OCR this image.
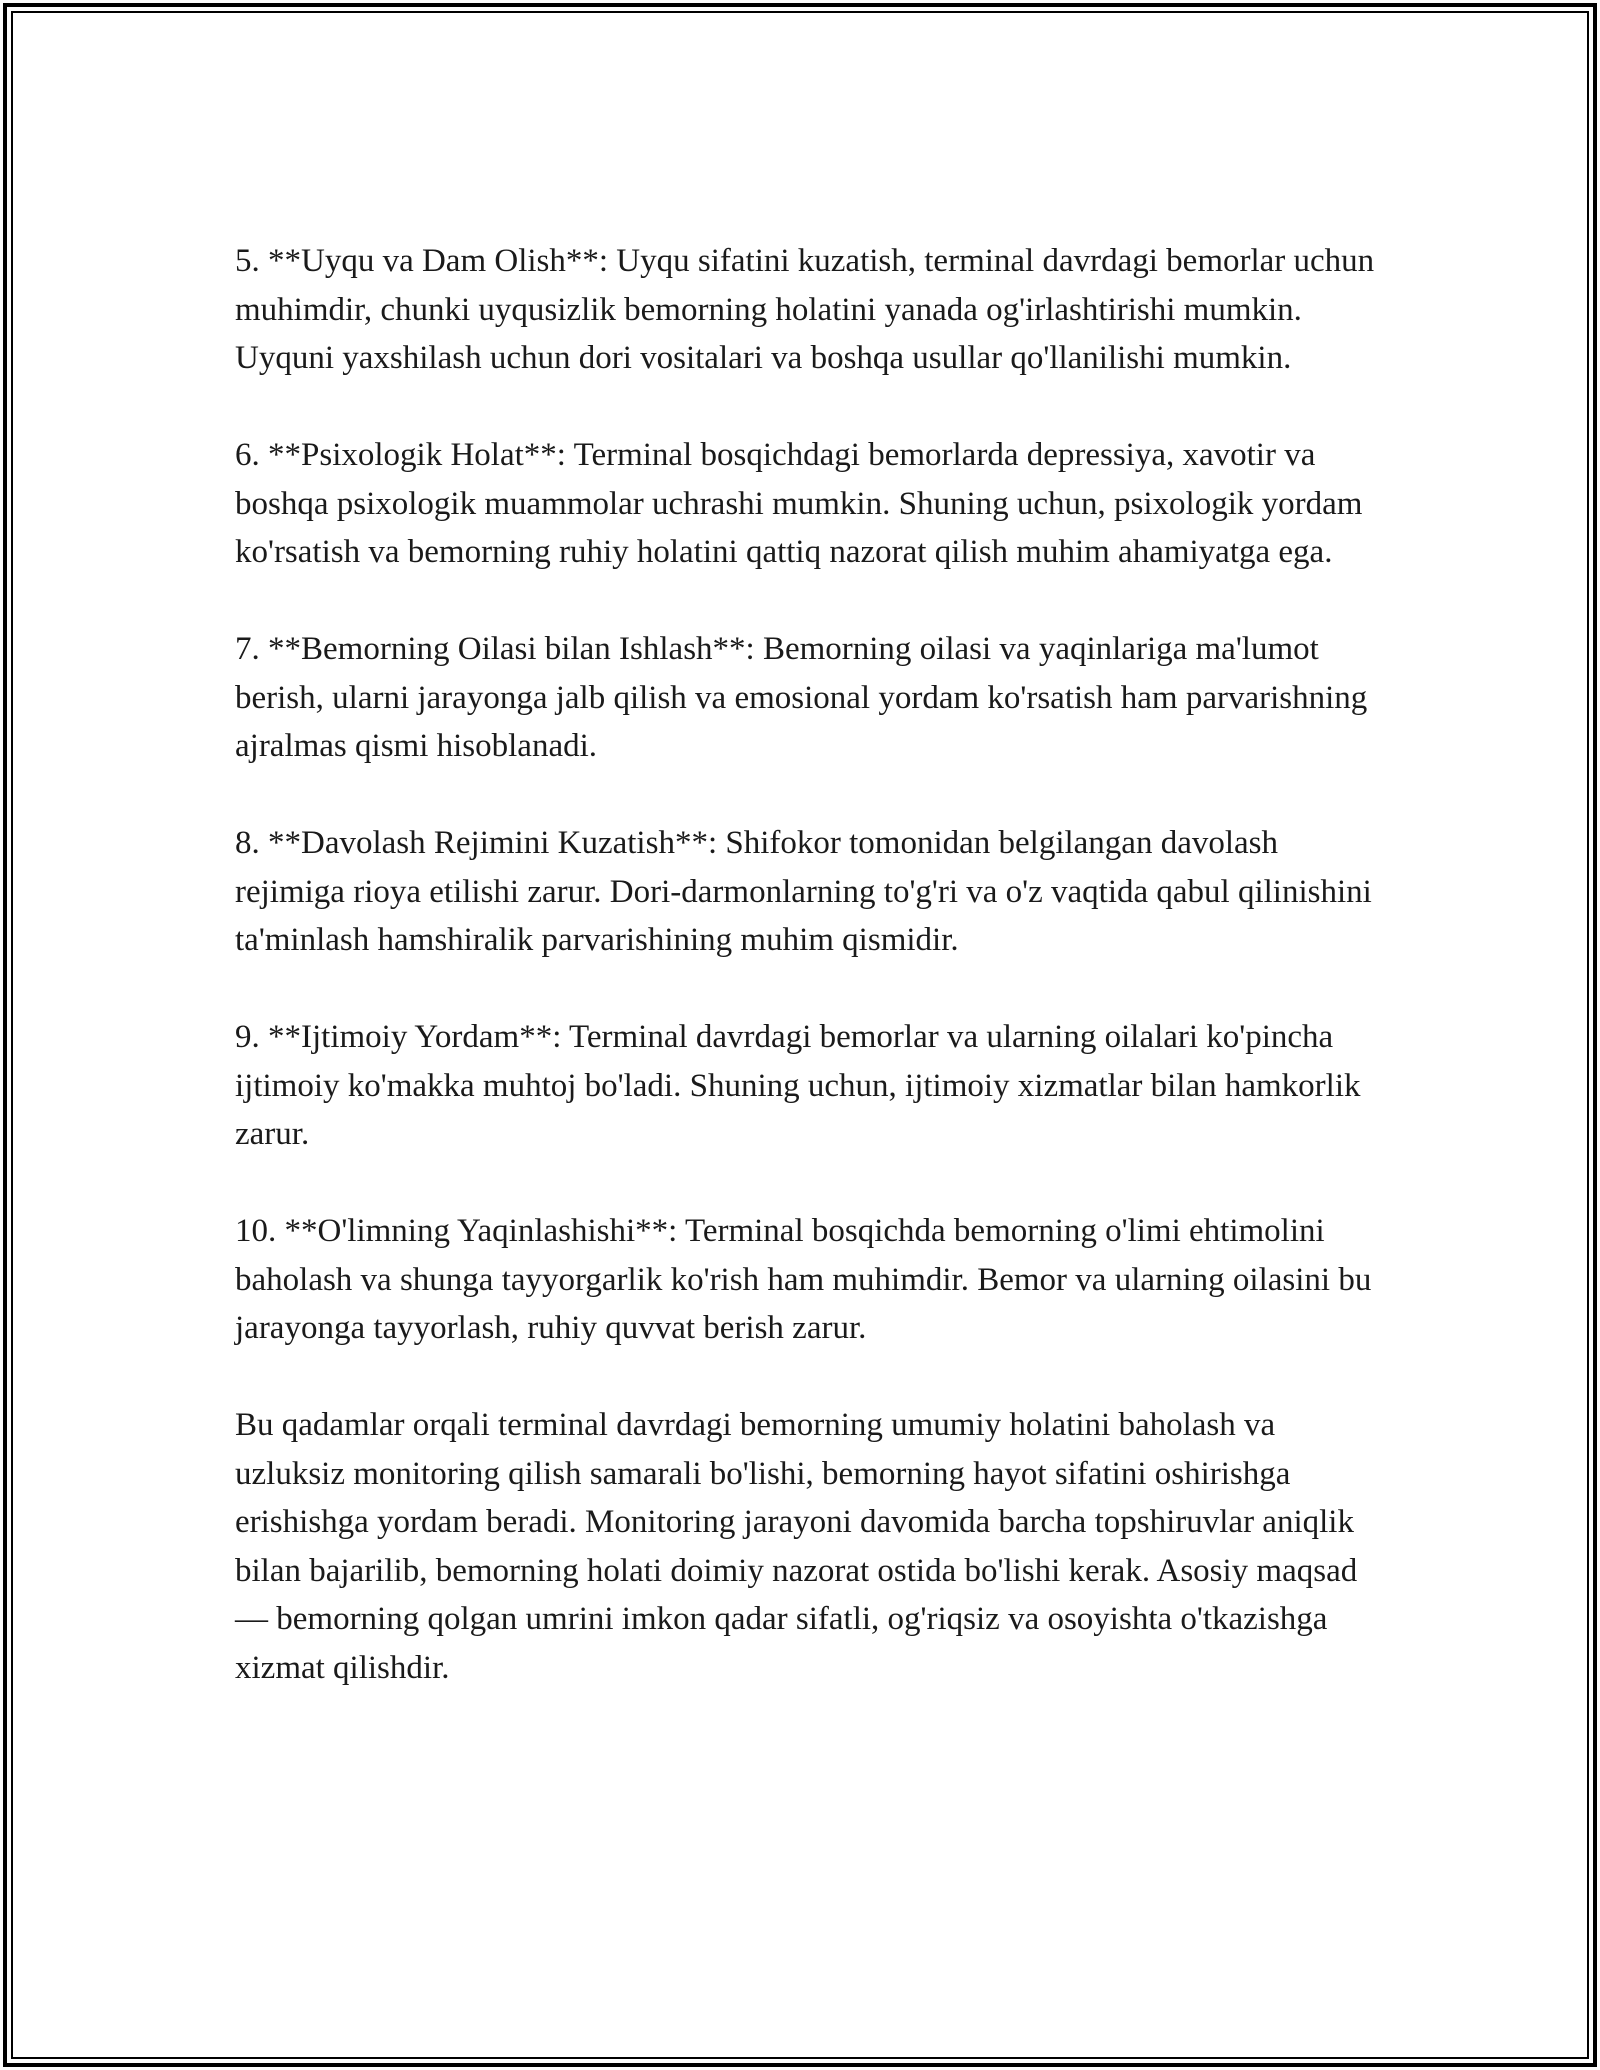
5. **Uyqu va Dam Olish**: Uyqu sifatini kuzatish, terminal davrdagi bemorlar uchun muhimdir, chunki uyqusizlik bemorning holatini yanada og'irlashtirishi mumkin. Uyquni yaxshilash uchun dori vositalari va boshqa usullar qo'llanilishi mumkin.

6. **Psixologik Holat**: Terminal bosqichdagi bemorlarda depressiya, xavotir va boshqa psixologik muammolar uchrashi mumkin. Shuning uchun, psixologik yordam ko'rsatish va bemorning ruhiy holatini qattiq nazorat qilish muhim ahamiyatga ega.

7. **Bemorning Oilasi bilan Ishlash**: Bemorning oilasi va yaqinlariga ma'lumot berish, ularni jarayonga jalb qilish va emosional yordam ko'rsatish ham parvarishning ajralmas qismi hisoblanadi.

8. **Davolash Rejimini Kuzatish**: Shifokor tomonidan belgilangan davolash rejimiga rioya etilishi zarur. Dori-darmonlarning to'g'ri va o'z vaqtida qabul qilinishini ta'minlash hamshiralik parvarishining muhim qismidir.

9. **Ijtimoiy Yordam**: Terminal davrdagi bemorlar va ularning oilalari ko'pincha ijtimoiy ko'makka muhtoj bo'ladi. Shuning uchun, ijtimoiy xizmatlar bilan hamkorlik zarur.

10. **O'limning Yaqinlashishi**: Terminal bosqichda bemorning o'limi ehtimolini baholash va shunga tayyorgarlik ko'rish ham muhimdir. Bemor va ularning oilasini bu jarayonga tayyorlash, ruhiy quvvat berish zarur.

Bu qadamlar orqali terminal davrdagi bemorning umumiy holatini baholash va uzluksiz monitoring qilish samarali bo'lishi, bemorning hayot sifatini oshirishga erishishga yordam beradi. Monitoring jarayoni davomida barcha topshiruvlar aniqlik bilan bajarilib, bemorning holati doimiy nazorat ostida bo'lishi kerak. Asosiy maqsad — bemorning qolgan umrini imkon qadar sifatli, og'riqsiz va osoyishta o'tkazishga xizmat qilishdir.
